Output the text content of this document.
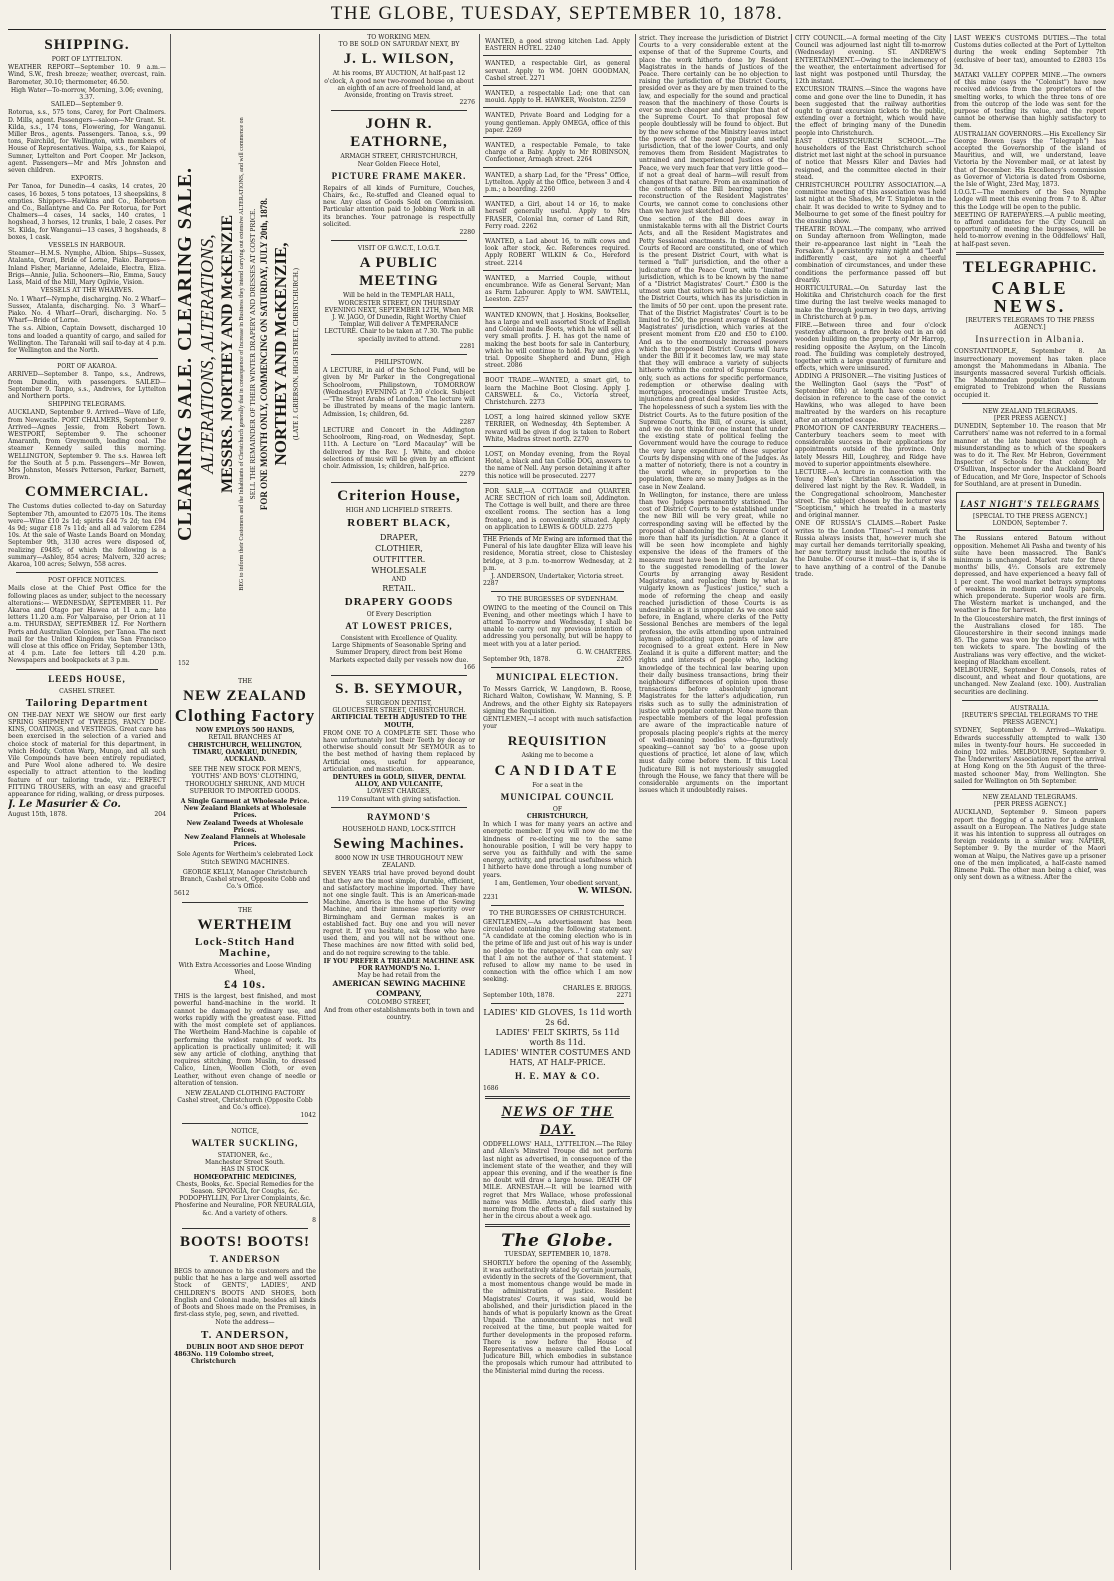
THE GLOBE, TUESDAY, SEPTEMBER 10, 1878.
SHIPPING.
PORT OF LYTTELTON.
WEATHER REPORT—September 10. 9 a.m.—Wind, S.W., fresh breeze; weather, overcast, rain. Barometer, 30.10; thermometer, 46.50.
High Water—To-morrow, Morning, 3.06; evening, 3.37.
SAILED—September 9.
Rotorua, s.s., 575 tons, Carey, for Port Chalmers. D. Mills, agent. Passengers—saloon—Mr Grant. St. Kilda, s.s., 174 tons, Flowering, for Wanganui. Miller Bros., agents. Passengers. Tanoa, s.s., 99 tons, Fairchild, for Wellington, with members of House of Representatives. Waipa, s.s., for Kaiapoi, Sumner, Lyttelton and Port Cooper. Mr Jackson, agent. Passengers—Mr and Mrs Johnston and seven children.
EXPORTS.
Per Tanoa, for Dunedin—4 casks, 14 crates, 20 cases, 16 boxes, 5 tons potatoes, 13 sheepskins, 8 empties. Shippers—Hawkins and Co., Robertson and Co., Ballantyne and Co. Per Rotorua, for Port Chalmers—4 cases, 14 sacks, 140 crates, 1 hogshead, 3 horses, 12 trunks, 1 bale, 2 cases. Per St. Kilda, for Wanganui—13 cases, 3 hogsheads, 8 boxes, 1 cask.
VESSELS IN HARBOUR.
Steamer—H.M.S. Nymphe, Albion. Ships—Sussex, Atalanta, Orari, Bride of Lorne, Piako. Barques—Inland Fisher, Marianne, Adelaide, Electra, Eliza. Brigs—Annie, Julia. Schooners—Rio, Emma, Saucy Lass, Maid of the Mill, Mary Ogilvie, Vision.
VESSELS AT THE WHARVES.
No. 1 Wharf—Nymphe, discharging. No. 2 Wharf—Sussex, Atalanta, discharging. No. 3 Wharf—Piako. No. 4 Wharf—Orari, discharging. No. 5 Wharf—Bride of Lorne.
The s.s. Albion, Captain Dowsett, discharged 10 tons and loaded a quantity of cargo, and sailed for Wellington. The Taranaki will sail to-day at 4 p.m. for Wellington and the North.
PORT OF AKAROA.
ARRIVED—September 8. Tanpo, s.s., Andrews, from Dunedin, with passengers. SAILED—September 9. Tanpo, s.s., Andrews, for Lyttelton and Northern ports.
SHIPPING TELEGRAMS.
AUCKLAND, September 9. Arrived—Wave of Life, from Newcastle. PORT CHALMERS, September 9. Arrived—Agnes Jessie, from Robert Town. WESTPORT, September 9. The schooner Amaranth, from Greymouth, loading coal. The steamer Kennedy sailed this morning. WELLINGTON, September 9. The s.s. Hawea left for the South at 5 p.m. Passengers—Mr Bowen, Mrs Johnston, Messrs Petterson, Parker, Barnett, Brown.
COMMERCIAL.
The Customs duties collected to-day on Saturday September 7th, amounted to £2075 10s. The items were—Wine £10 2s 1d; spirits £44 7s 2d; tea £94 4s 9d; sugar £18 7s 11d; and all ad valorem £284 10s. At the sale of Waste Lands Board on Monday, September 9th, 3130 acres were disposed of, realizing £9485; of which the following is a summary—Ashley, 854 acres; Malvern, 320 acres; Akaroa, 100 acres; Selwyn, 558 acres.
POST OFFICE NOTICES.
Mails close at the Chief Post Office for the following places as under, subject to the necessary alterations:— WEDNESDAY, SEPTEMBER 11. Per Akaroa and Otago per Hawea at 11 a.m.; late letters 11.20 a.m. For Valparaiso, per Orion at 11 a.m. THURSDAY, SEPTEMBER 12. For Northern Ports and Australian Colonies, per Tanoa. The next mail for the United Kingdom via San Francisco will close at this office on Friday, September 13th, at 4 p.m. Late fee letters till 4.20 p.m. Newspapers and bookpackets at 3 p.m.
LEEDS HOUSE,
CASHEL STREET.
Tailoring Department
ON THE-DAY NEXT WE SHOW our first early SPRING SHIPMENT of TWEEDS, FANCY DOE-KINS, COATINGS, and VESTINGS. Great care has been exercised in the selection of a varied and choice stock of material for this department, in which Hoddy, Cotton Warp, Mungo, and all such Vile Compounds have been entirely repudiated, and Pure Wool alone adhered to. We desire especially to attract attention to the leading feature of our tailoring trade, viz.: PERFECT FITTING TROUSERS, with an easy and graceful appearance for riding, walking, or dress purposes.
J. Le Masurier & Co.
August 15th, 1878.	204
CLEARING SALE. CLEARING SALE. ALTERATIONS, ALTERATIONS, MESSRS. NORTHEY AND McKENZIE BEG to inform their Customers and the Inhabitants of Christchurch generally that in consequence of Increase in Business they intend carrying out extensive ALTERATIONS, and will commence on SELL THE REMAINDER OF THEIR WINTER DRAPERY AND DRESSES AT COST PRICE. FOR ONE MONTH ONLY, COMMENCING ON SATURDAY, JULY 20th, 1878. NORTHEY AND McKENZIE, (LATE J. GRIERSON, HIGH STREET, CHRISTCHURCH.)
152
THE
NEW ZEALAND
Clothing Factory
NOW EMPLOYS 500 HANDS,
RETAIL BRANCHES AT
CHRISTCHURCH, WELLINGTON, TIMARU, OAMARU, DUNEDIN, AUCKLAND.
SEE THE NEW STOCK FOR MEN'S, YOUTHS' AND BOYS' CLOTHING, THOROUGHLY SHRUNK, AND MUCH SUPERIOR TO IMPORTED GOODS.
A Single Garment at Wholesale Price.
New Zealand Blankets at Wholesale Prices.
New Zealand Tweeds at Wholesale Prices.
New Zealand Flannels at Wholesale Prices.
Sole Agents for Wertheim's celebrated Lock Stitch SEWING MACHINES.
GEORGE KELLY, Manager Christchurch Branch, Cashel street, Opposite Cobb and Co.'s Office.
5612
THE
WERTHEIM
Lock-Stitch Hand Machine,
With Extra Accessories and Loose Winding Wheel,
£4 10s.
THIS is the largest, best finished, and most powerful hand-machine in the world. It cannot be damaged by ordinary use, and works rapidly with the greatest ease. Fitted with the most complete set of appliances. The Wertheim Hand-Machine is capable of performing the widest range of work. Its application is practically unlimited; it will sew any article of clothing, anything that requires stitching, from Muslin, to dressed Calico, Linen, Woollen Cloth, or even Leather, without even change of needle or alteration of tension.
NEW ZEALAND CLOTHING FACTORY
Cashel street, Christchurch (Opposite Cobb and Co.'s office).
1042
NOTICE,
WALTER SUCKLING,
STATIONER, &c.,
Manchester Street South.
HAS IN STOCK
HOMŒOPATHIC MEDICINES,
Chests, Books, &c. Special Remedies for the Season. SPONGIA, for Coughs, &c. PODOPHYLLIN, For Liver Complaints, &c. Phosferine and Neuraline, FOR NEURALGIA, &c. And a variety of others.
8
BOOTS! BOOTS!
T. ANDERSON
BEGS to announce to his customers and the public that he has a large and well assorted Stock of GENTS', LADIES', AND CHILDREN'S BOOTS AND SHOES, both English and Colonial made, besides all kinds of Boots and Shoes made on the Premises, in first-class style, peg, sewn, and rivetted.
Note the address—
T. ANDERSON,
DUBLIN BOOT AND SHOE DEPOT
4863 No. 119 Colombo street, Christchurch
TO WORKING MEN.
TO BE SOLD ON SATURDAY NEXT, BY
J. L. WILSON,
At his rooms, BY AUCTION, At half-past 12 o'clock, A good new two-roomed house on about an eighth of an acre of freehold land, at Avonside, fronting on Travis street.
2276
JOHN R. EATHORNE,
ARMAGH STREET, CHRISTCHURCH,
Near Golden Fleece Hotel,
PICTURE FRAME MAKER.
Repairs of all kinds of Furniture, Couches, Chairs, &c., Re-stuffed and Cleaned equal to new. Any class of Goods Sold on Commission. Particular attention paid to Jobbing Work in all its branches. Your patronage is respectfully solicited.
2280
VISIT OF G.W.C.T., I.O.G.T.
A PUBLIC MEETING
Will be held in the TEMPLAR HALL, WORCESTER STREET, ON THURSDAY EVENING NEXT, SEPTEMBER 12TH, When MR J. W. JAGO, Of Dunedin, Right Worthy Chief Templar, Will deliver A TEMPERANCE LECTURE. Chair to be taken at 7.30. The public specially invited to attend.
2281
PHILIPSTOWN.
A LECTURE, in aid of the School Fund, will be given by Mr Parker in the Congregational Schoolroom, Philipstown, TOMORROW (Wednesday) EVENING at 7.30 o'clock. Subject—"The Street Arabs of London." The lecture will be illustrated by means of the magic lantern. Admission, 1s; children, 6d.
2287
LECTURE and Concert in the Addington Schoolroom, Ring-road, on Wednesday, Sept. 11th. A Lecture on "Lord Macaulay" will be delivered by the Rev. J. White, and choice selections of music will be given by an efficient choir. Admission, 1s; children, half-price.
2279
Criterion House,
HIGH AND LICHFIELD STREETS.
ROBERT BLACK,
DRAPER,
CLOTHIER,
OUTFITTER.
WHOLESALE
AND
RETAIL.
DRAPERY GOODS
Of Every Description
AT LOWEST PRICES,
Consistent with Excellence of Quality.
Large Shipments of Seasonable Spring and Summer Drapery, direct from best Home Markets expected daily per vessels now due.
166
S. B. SEYMOUR,
SURGEON DENTIST,
GLOUCESTER STREET, CHRISTCHURCH.
ARTIFICIAL TEETH ADJUSTED TO THE MOUTH,
FROM ONE TO A COMPLETE SET. Those who have unfortunately lost their Teeth by decay or otherwise should consult Mr SEYMOUR as to the best method of having them replaced by Artificial ones, useful for appearance, articulation, and mastication.
DENTURES in GOLD, SILVER, DENTAL ALLOY, AND VULCANITE,
LOWEST CHARGES,
119 Consultant with giving satisfaction.
RAYMOND'S
HOUSEHOLD HAND, LOCK-STITCH
Sewing Machines.
8000 NOW IN USE THROUGHOUT NEW ZEALAND.
SEVEN YEARS trial have proved beyond doubt that they are the most simple, durable, efficient, and satisfactory machine imported. They have not one single fault. This is an American-made Machine. America is the home of the Sewing Machine, and their immense superiority over Birmingham and German makes is an established fact. Buy one and you will never regret it. If you hesitate, ask those who have used them, and you will not be without one. These machines are now fitted with solid bed, and do not require screwing to the table.
IF YOU PREFER A TREADLE MACHINE ASK FOR RAYMOND'S No. 1.
May be had retail from the
AMERICAN SEWING MACHINE COMPANY,
COLOMBO STREET,
And from other establishments both in town and country.
WANTED, a good strong kitchen Lad. Apply EASTERN HOTEL. 2240
WANTED, a respectable Girl, as general servant. Apply to WM. JOHN GOODMAN, Cashel street. 2271
WANTED, a respectable Lad; one that can mould. Apply to H. HAWKER, Woolston. 2259
WANTED, Private Board and Lodging for a young gentleman. Apply OMEGA, office of this paper. 2269
WANTED, a respectable Female, to take charge of a Baby. Apply to Mr ROBINSON, Confectioner, Armagh street. 2264
WANTED, a sharp Lad, for the "Press" Office, Lyttelton. Apply at the Office, between 3 and 4 p.m.; a boarding. 2260
WANTED, a Girl, about 14 or 16, to make herself generally useful. Apply to Mrs FRASER, Colonial Inn, corner of Land Rift, Ferry road. 2262
WANTED, a Lad about 16, to milk cows and look after stock, &c. References required. Apply ROBERT WILKIN & Co., Hereford street. 2214
WANTED, a Married Couple, without encumbrance. Wife as General Servant; Man as Farm Labourer. Apply to WM. SAWTELL, Leeston. 2257
WANTED KNOWN, that J. Hoskins, Bookseller, has a large and well assorted Stock of English and Colonial made Boots, which he will sell at very small profits. J. H. has got the name of making the best boots for sale in Canterbury, which he will continue to hold. Pay and give a trial. Opposite Shepherd and Dunn, High street. 2086
BOOT TRADE.—WANTED, a smart girl, to learn the Machine Boot Closing. Apply J. CARSWELL & Co., Victoria street, Christchurch. 2273
LOST, a long haired skinned yellow SKYE TERRIER, on Wednesday, 4th September. A reward will be given if dog is taken to Robert White, Madras street north. 2270
LOST, on Monday evening, from the Royal Hotel, a black and tan Collie DOG, answers to the name of Nell. Any person detaining it after this notice will be prosecuted. 2277
FOR SALE,—A COTTAGE and QUARTER ACRE SECTION of rich loam soil, Addington. The Cottage is well built, and there are three excellent rooms. The section has a long frontage, and is conveniently situated. Apply on application to LEWIS & GOULD. 2275
THE Friends of Mr Ewing are informed that the Funeral of his late daughter Eliza will leave his residence, Moratia street, close to Chistesley bridge, at 3 p.m. to-morrow Wednesday, at 2 p.m.
J. ANDERSON, Undertaker, Victoria street.
2287
TO THE BURGESSES OF SYDENHAM.
OWING to the meeting of the Council on This Evening, and other meetings which I have to attend To-morrow and Wednesday, I shall be unable to carry out my previous intention of addressing you personally, but will be happy to meet with you at a later period.
G. W. CHARTERS.
September 9th, 1878.	2265
MUNICIPAL ELECTION.
To Messrs Garrick, W. Langdown, B. Roose, Richard Walton, Cowlishaw, W. Manning, S. P. Andrews, and the other Eighty six Ratepayers signing the Requisition.
GENTLEMEN,—I accept with much satisfaction your
REQUISITION
Asking me to become a
CANDIDATE
For a seat in the
MUNICIPAL COUNCIL
OF
CHRISTCHURCH,
In which I was for many years an active and energetic member. If you will now do me the kindness of re-electing me to the same honourable position, I will be very happy to serve you as faithfully and with the same energy, activity, and practical usefulness which I hitherto have done through a long number of years.
I am, Gentlemen, Your obedient servant,
W. WILSON.
2231
TO THE BURGESSES OF CHRISTCHURCH.
GENTLEMEN,—As advertisement has been circulated containing the following statement. "A candidate at the coming election who is in the prime of life and just out of his way is under no pledge to the ratepayers..." I can only say that I am not the author of that statement. I refused to allow my name to be used in connection with the office which I am now seeking.
CHARLES E. BRIGGS.
September 10th, 1878.	2271
LADIES' KID GLOVES, 1s 11d worth 2s 6d.
LADIES' FELT SKIRTS, 5s 11d worth 8s 11d.
LADIES' WINTER COSTUMES AND HATS, AT HALF-PRICE.
H. E. MAY & CO.
1686
NEWS OF THE DAY.
ODDFELLOWS' HALL, LYTTELTON.—The Riley and Allen's Minstrel Troupe did not perform last night as advertised, in consequence of the inclement state of the weather, and they will appear this evening, and if the weather is fine no doubt will draw a large house. DEATH OF MILE. ARNESTAH.—It will be learned with regret that Mrs Wallace, whose professional name was Mdlle. Arnestah, died early this morning from the effects of a fall sustained by her in the circus about a week ago.
The Globe.
TUESDAY, SEPTEMBER 10, 1878.
SHORTLY before the opening of the Assembly, it was authoritatively stated by certain journals, evidently in the secrets of the Government, that a most momentous change would be made in the administration of justice. Resident Magistrates' Courts, it was said, would be abolished, and their jurisdiction placed in the hands of what is popularly known as the Great Unpaid. The announcement was not well received at the time, but people waited for further developments in the proposed reform. There is now before the House of Representatives a measure called the Local Judicature Bill, which embodies in substance the proposals which rumour had attributed to the Ministerial mind during the recess.
strict. They increase the jurisdiction of District Courts to a very considerable extent at the expense of that of the Supreme Courts, and place the work hitherto done by Resident Magistrates in the hands of Justices of the Peace. There certainly can be no objection to raising the jurisdiction of the District Courts, presided over as they are by men trained to the law, and especially for the sound and practical reason that the machinery of those Courts is ever so much cheaper and simpler than that of the Supreme Court. To that proposal few people doubtlessly will be found to object. But by the new scheme of the Ministry leaves intact the powers of the most popular and useful jurisdiction, that of the lower Courts, and only removes them from Resident Magistrates to untrained and inexperienced Justices of the Peace, we very much fear that very little good—if not a great deal of harm—will result from changes of that nature. From an examination of the contents of the Bill bearing upon the reconstruction of the Resident Magistrates' Courts, we cannot come to conclusions other than we have just sketched above.
One section of the Bill does away in unmistakable terms with all the District Courts Acts, and all the Resident Magistrates and Petty Sessional enactments. In their stead two Courts of Record are constituted, one of which is the present District Court, with what is termed a "full" jurisdiction, and the other a judicature of the Peace Court, with "limited" jurisdiction, which is to be known by the name of a "District Magistrates' Court." £300 is the utmost sum that suitors will be able to claim in the District Courts, which has its jurisdiction in the limits of 50 per cent. upon the present rate. That of the District Magistrates' Court is to be limited to £50, the present average of Resident Magistrates' jurisdiction, which varies at the present moment from £20 and £50 to £100. And as to the enormously increased powers which the proposed District Courts will have under the Bill if it becomes law, we may state that they will embrace a variety of subjects hitherto within the control of Supreme Courts only, such as actions for specific performance, redemption or otherwise dealing with mortgages, proceedings under Trustee Acts, injunctions and great deal besides.
The hopelessness of such a system lies with the District Courts. As to the future position of the Supreme Courts, the Bill, of course, is silent, and we do not think for one instant that under the existing state of political feeling the Government would have the courage to reduce the very large expenditure of these superior Courts by dispensing with one of the Judges. As a matter of notoriety, there is not a country in the world where, in proportion to the population, there are so many Judges as in the case in New Zealand.
In Wellington, for instance, there are unless than two Judges permanently stationed. The cost of District Courts to be established under the new Bill will be very great, while no corresponding saving will be effected by the proposal of abandoning the Supreme Court of more than half its jurisdiction. At a glance it will be seen how incomplete and highly expensive the ideas of the framers of the measure must have been in that particular. As to the suggested remodelling of the lower Courts by arranging away Resident Magistrates, and replacing them by what is vulgarly known as "Justices' justice," such a mode of reforming the cheap and easily reached jurisdiction of those Courts is as undesirable as it is unpopular. As we once said before, in England, where clerks of the Petty Sessional Benches are members of the legal profession, the evils attending upon untrained laymen adjudicating upon points of law are recognised to a great extent. Here in New Zealand it is quite a different matter; and the rights and interests of people who, lacking knowledge of the technical law bearing upon their daily business transactions, bring their neighbours' differences of opinion upon those transactions before absolutely ignorant Magistrates for the latter's adjudication, run risks such as to sully the administration of justice with popular contempt. None more than respectable members of the legal profession are aware of the impracticable nature of proposals placing people's rights at the mercy of well-meaning noodles who—figuratively speaking—cannot say 'bo' to a goose upon questions of practice, let alone of law, which must daily come before them. If this Local Judicature Bill is not mysteriously smuggled through the House, we fancy that there will be considerable arguments on the important issues which it undoubtedly raises.
CITY COUNCIL.—A formal meeting of the City Council was adjourned last night till to-morrow (Wednesday) evening. ST. ANDREW'S ENTERTAINMENT.—Owing to the inclemency of the weather, the entertainment advertised for last night was postponed until Thursday, the 12th instant.
EXCURSION TRAINS.—Since the wagons have come and gone over the line to Dunedin, it has been suggested that the railway authorities ought to grant excursion tickets to the public, extending over a fortnight, which would have the effect of bringing many of the Dunedin people into Christchurch.
EAST CHRISTCHURCH SCHOOL.—The householders of the East Christchurch school district met last night at the school in pursuance of notice that Messrs Kiler and Davies had resigned, and the committee elected in their stead.
CHRISTCHURCH POULTRY ASSOCIATION.—A committee meeting of this association was held last night at the Shades, Mr T. Stapleton in the chair. It was decided to write to Sydney and to Melbourne to get some of the finest poultry for the ensuing show.
THEATRE ROYAL.—The company, who arrived on Sunday afternoon from Wellington, made their re-appearance last night in "Leah the Forsaken." A persistently rainy night and "Leah" indifferently cast, are not a cheerful combination of circumstances, and under these conditions the performance passed off but drearily.
HORTICULTURAL.—On Saturday last the Hokitika and Christchurch coach for the first time during the last twelve weeks managed to make the through journey in two days, arriving in Christchurch at 9 p.m.
FIRE.—Between three and four o'clock yesterday afternoon, a fire broke out in an old wooden building on the property of Mr Harrop, residing opposite the Asylum, on the Lincoln road. The building was completely destroyed, together with a large quantity of furniture and effects, which were uninsured.
ADDING A PRISONER.—The visiting Justices of the Wellington Gaol (says the "Post" of September 6th) at length have come to a decision in reference to the case of the convict Hawkins, who was alleged to have been maltreated by the warders on his recapture after an attempted escape.
PROMOTION OF CANTERBURY TEACHERS.—Canterbury teachers seem to meet with considerable success in their applications for appointments outside of the province. Only lately Messrs Hill, Loughrey, and Ridge have moved to superior appointments elsewhere.
LECTURE.—A lecture in connection with the Young Men's Christian Association was delivered last night by the Rev. R. Waddell, in the Congregational schoolroom, Manchester street. The subject chosen by the lecturer was "Scepticism," which he treated in a masterly and original manner.
ONE OF RUSSIA'S CLAIMS.—Robert Paske writes to the London "Times":—I remark that Russia always insists that, however much she may curtail her demands territorially speaking, her new territory must include the mouths of the Danube. Of course it must—that is, if she is to have anything of a control of the Danube trade.
LAST WEEK'S CUSTOMS DUTIES.—The total Customs duties collected at the Port of Lyttelton during the week ending September 7th (exclusive of beer tax), amounted to £2803 15s 3d.
MATAKI VALLEY COPPER MINE.—The owners of this mine (says the "Colonist") have now received advices from the proprietors of the smelting works, to which the three tons of ore from the outcrop of the lode was sent for the purpose of testing its value, and the report cannot be otherwise than highly satisfactory to them.
AUSTRALIAN GOVERNORS.—His Excellency Sir George Bowen (says the "Telegraph") has accepted the Governorship of the island of Mauritius, and will, we understand, leave Victoria by the November mail, or at latest by that of December. His Excellency's commission as Governor of Victoria is dated from Osborne, the Isle of Wight, 23rd May, 1873.
I.O.G.T.—The members of the Sea Nymphe Lodge will meet this evening from 7 to 8. After this the Lodge will be open to the public.
MEETING OF RATEPAYERS.—A public meeting, to afford candidates for the City Council an opportunity of meeting the burgesses, will be held to-morrow evening in the Oddfellows' Hall, at half-past seven.
TELEGRAPHIC.
CABLE NEWS.
[REUTER'S TELEGRAMS TO THE PRESS AGENCY.]
Insurrection in Albania.
CONSTANTINOPLE, September 8. An insurrectionary movement has taken place amongst the Mahommedans in Albania. The insurgents massacred several Turkish officials. The Mahommedan population of Batoum emigrated to Trebizond when the Russians occupied it.
NEW ZEALAND TELEGRAMS.
[PER PRESS AGENCY.]
DUNEDIN, September 10. The reason that Mr Carruthers' name was not referred to in a formal manner at the late banquet was through a misunderstanding as to which of the speakers was to do it. The Rev. Mr Hebron, Government Inspector of Schools for that colony, Mr O'Sullivan, Inspector under the Auckland Board of Education, and Mr Gore, Inspector of Schools for Southland, are at present in Dunedin.
LAST NIGHT'S TELEGRAMS
[SPECIAL TO THE PRESS AGENCY.] LONDON, September 7.
The Russians entered Batoum without opposition. Mehemet Ali Pasha and twenty of his suite have been massacred. The Bank's minimum is unchanged. Market rate for three months' bills, 4½. Consols are extremely depressed, and have experienced a heavy fall of 1 per cent. The wool market betrays symptoms of weakness in medium and faulty parcels, which preponderate. Superior wools are firm. The Western market is unchanged, and the weather is fine for harvest.
In the Gloucestershire match, the first innings of the Australians closed for 185. The Gloucestershire in their second innings made 85. The game was won by the Australians with ten wickets to spare. The bowling of the Australians was very effective, and the wicket-keeping of Blackham excellent.
MELBOURNE, September 9. Consols, rates of discount, and wheat and flour quotations, are unchanged. New Zealand (exc. 100). Australian securities are declining.
AUSTRALIA.
[REUTER'S SPECIAL TELEGRAMS TO THE PRESS AGENCY.]
SYDNEY, September 9. Arrived—Wakatipu. Edwards successfully attempted to walk 130 miles in twenty-four hours. He succeeded in doing 102 miles. MELBOURNE, September 9. The Underwriters' Association report the arrival at Hong Kong on the 5th August of the three-masted schooner May, from Wellington. She sailed for Wellington on 5th September.
NEW ZEALAND TELEGRAMS.
[PER PRESS AGENCY.]
AUCKLAND, September 9. Simeon papers report the flogging of a native for a drunken assault on a European. The Natives Judge state it was his intention to suppress all outrages on foreign residents in a similar way. NAPIER, September 9. By the murder of the Maori woman at Waipu, the Natives gave up a prisoner one of the men implicated, a half-caste named Rimene Puki. The other man being a chief, was only sent down as a witness. After the
